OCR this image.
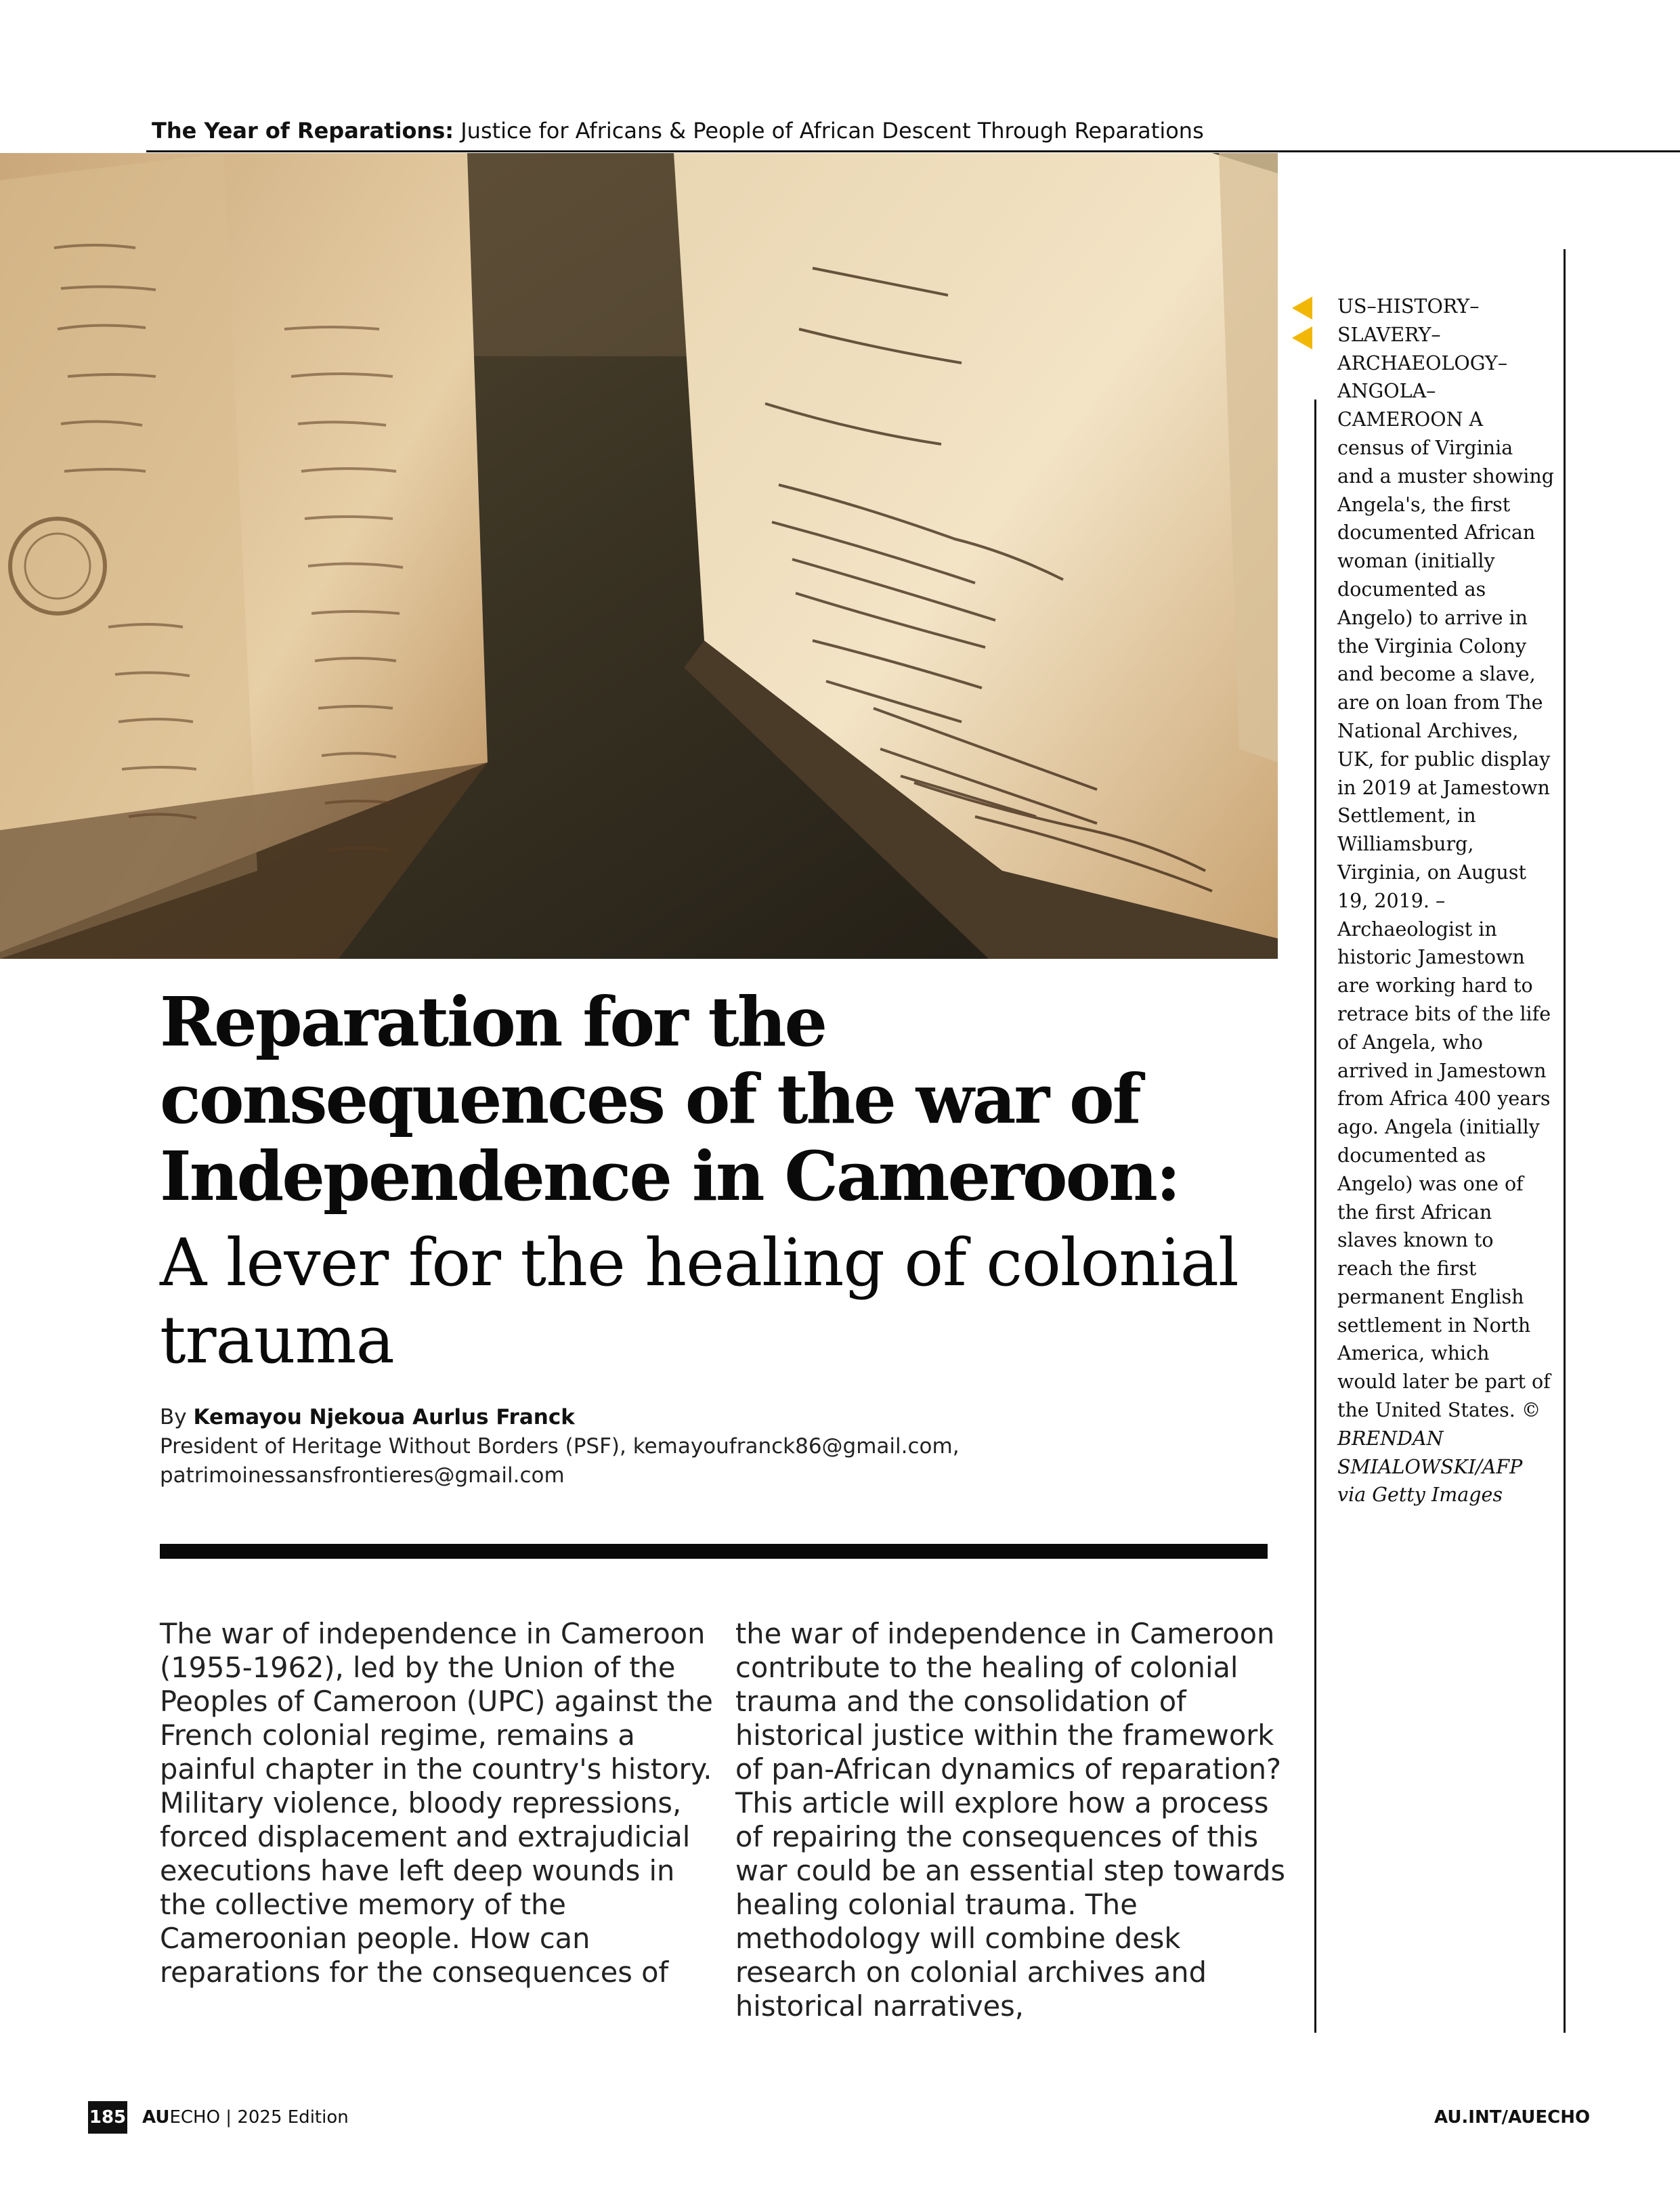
The Year of Reparations: Justice for Africans & People of African Descent Through Reparations
US–HISTORY–SLAVERY–ARCHAEOLOGY–ANGOLA–CAMEROON A census of Virginia and a muster showing Angela's, the first documented African woman (initially documented as Angelo) to arrive in the Virginia Colony and become a slave, are on loan from The National Archives, UK, for public display in 2019 at Jamestown Settlement, in Williamsburg, Virginia, on August 19, 2019. – Archaeologist in historic Jamestown are working hard to retrace bits of the life of Angela, who arrived in Jamestown from Africa 400 years ago. Angela (initially documented as Angelo) was one of the first African slaves known to reach the first permanent English settlement in North America, which would later be part of the United States. © BRENDAN SMIALOWSKI/AFP via Getty Images
Reparation for the consequences of the war of Independence in Cameroon:
A lever for the healing of colonial trauma
By Kemayou Njekoua Aurlus Franck
President of Heritage Without Borders (PSF), kemayoufranck86@gmail.com,
patrimoinessansfrontieres@gmail.com
The war of independence in Cameroon (1955-1962), led by the Union of the Peoples of Cameroon (UPC) against the French colonial regime, remains a painful chapter in the country's history. Military violence, bloody repressions, forced displacement and extrajudicial executions have left deep wounds in the collective memory of the Cameroonian people. How can reparations for the consequences of
the war of independence in Cameroon contribute to the healing of colonial trauma and the consolidation of historical justice within the framework of pan-African dynamics of reparation? This article will explore how a process of repairing the consequences of this war could be an essential step towards healing colonial trauma. The methodology will combine desk research on colonial archives and historical narratives,
185 AUECHO | 2025 Edition	AU.INT/AUECHO
